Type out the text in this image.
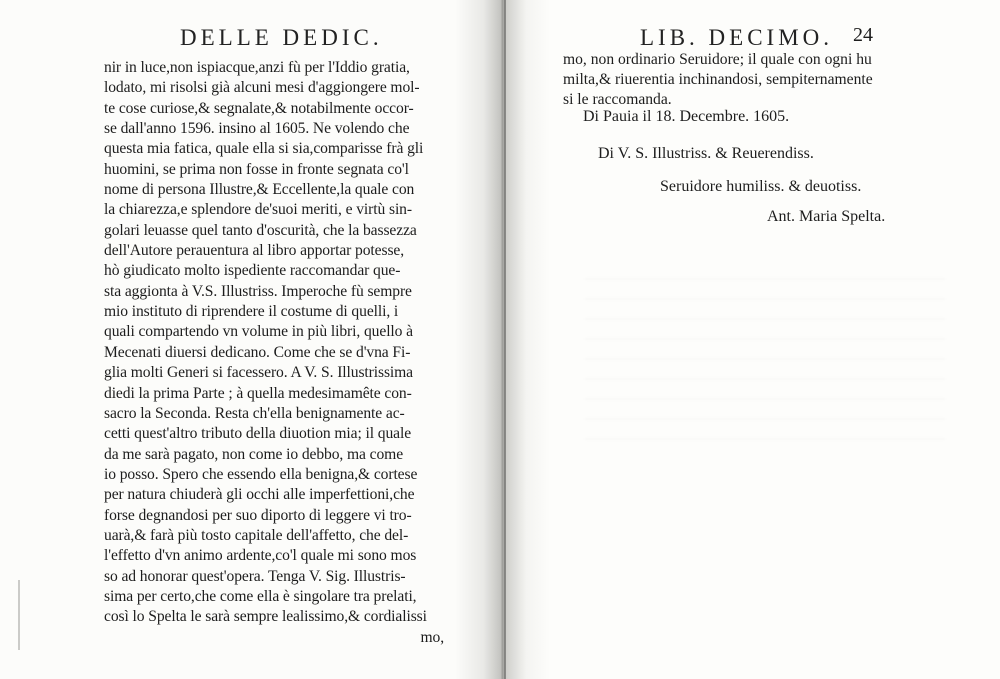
DELLE DEDIC.
nir in luce,non ispiacque,anzi fù per l'Iddio gratia,
lodato, mi risolsi già alcuni mesi d'aggiongere mol-
te cose curiose,& segnalate,& notabilmente occor-
se dall'anno 1596. insino al 1605. Ne volendo che
questa mia fatica, quale ella si sia,comparisse frà gli
huomini, se prima non fosse in fronte segnata co'l
nome di persona Illustre,& Eccellente,la quale con
la chiarezza,e splendore de'suoi meriti, e virtù sin-
golari leuasse quel tanto d'oscurità, che la bassezza
dell'Autore perauentura al libro apportar potesse,
hò giudicato molto ispediente raccomandar que-
sta aggionta à V.S. Illustriss. Imperoche fù sempre
mio instituto di riprendere il costume di quelli, i
quali compartendo vn volume in più libri, quello à
Mecenati diuersi dedicano. Come che se d'vna Fi-
glia molti Generi si facessero. A V. S. Illustrissima
diedi la prima Parte ; à quella medesimamête con-
sacro la Seconda. Resta ch'ella benignamente ac-
cetti quest'altro tributo della diuotion mia; il quale
da me sarà pagato, non come io debbo, ma come
io posso. Spero che essendo ella benigna,& cortese
per natura chiuderà gli occhi alle imperfettioni,che
forse degnandosi per suo diporto di leggere vi tro-
uarà,& farà più tosto capitale dell'affetto, che del-
l'effetto d'vn animo ardente,co'l quale mi sono mos
so ad honorar quest'opera. Tenga V. Sig. Illustris-
sima per certo,che come ella è singolare tra prelati,
così lo Spelta le sarà sempre lealissimo,& cordialissi
mo,
LIB. DECIMO. 24
mo, non ordinario Seruidore; il quale con ogni hu
milta,& riuerentia inchinandosi, sempiternamente
si le raccomanda.
Di Pauia il 18. Decembre. 1605.
Di V. S. Illustriss. & Reuerendiss.
Seruidore humiliss. & deuotiss.
Ant. Maria Spelta.
